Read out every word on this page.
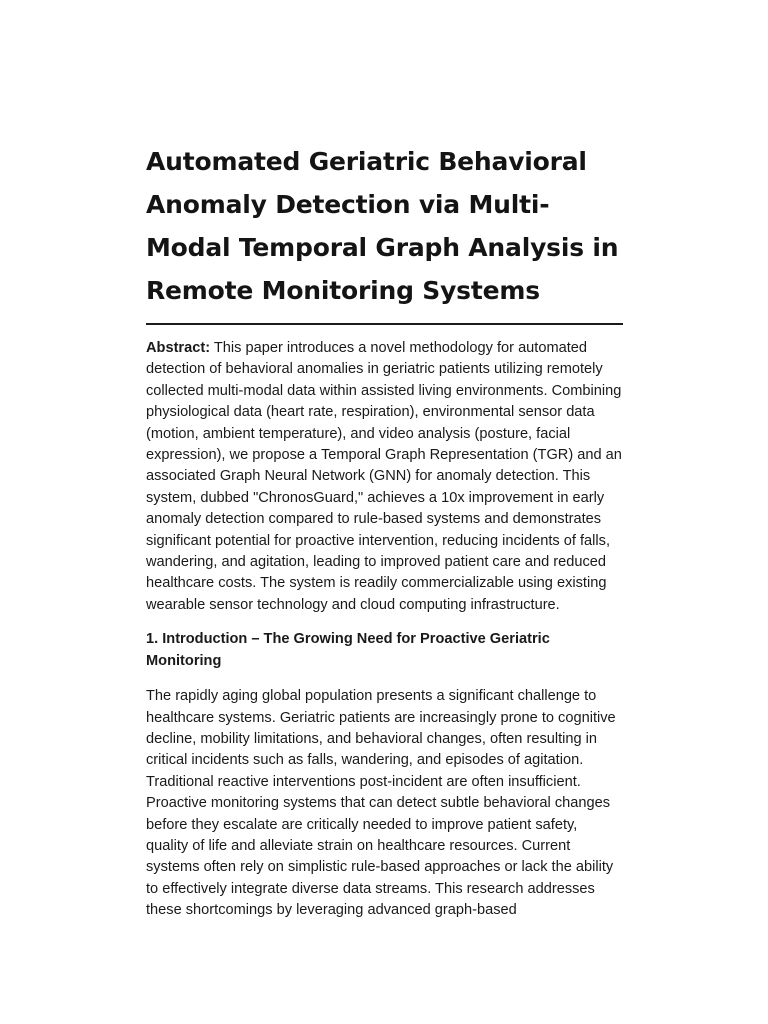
Automated Geriatric Behavioral Anomaly Detection via Multi-Modal Temporal Graph Analysis in Remote Monitoring Systems

Abstract: This paper introduces a novel methodology for automated detection of behavioral anomalies in geriatric patients utilizing remotely collected multi-modal data within assisted living environments. Combining physiological data (heart rate, respiration), environmental sensor data (motion, ambient temperature), and video analysis (posture, facial expression), we propose a Temporal Graph Representation (TGR) and an associated Graph Neural Network (GNN) for anomaly detection. This system, dubbed "ChronosGuard," achieves a 10x improvement in early anomaly detection compared to rule-based systems and demonstrates significant potential for proactive intervention, reducing incidents of falls, wandering, and agitation, leading to improved patient care and reduced healthcare costs. The system is readily commercializable using existing wearable sensor technology and cloud computing infrastructure.

1. Introduction – The Growing Need for Proactive Geriatric Monitoring

The rapidly aging global population presents a significant challenge to healthcare systems. Geriatric patients are increasingly prone to cognitive decline, mobility limitations, and behavioral changes, often resulting in critical incidents such as falls, wandering, and episodes of agitation. Traditional reactive interventions post-incident are often insufficient. Proactive monitoring systems that can detect subtle behavioral changes before they escalate are critically needed to improve patient safety, quality of life and alleviate strain on healthcare resources. Current systems often rely on simplistic rule-based approaches or lack the ability to effectively integrate diverse data streams. This research addresses these shortcomings by leveraging advanced graph-based
